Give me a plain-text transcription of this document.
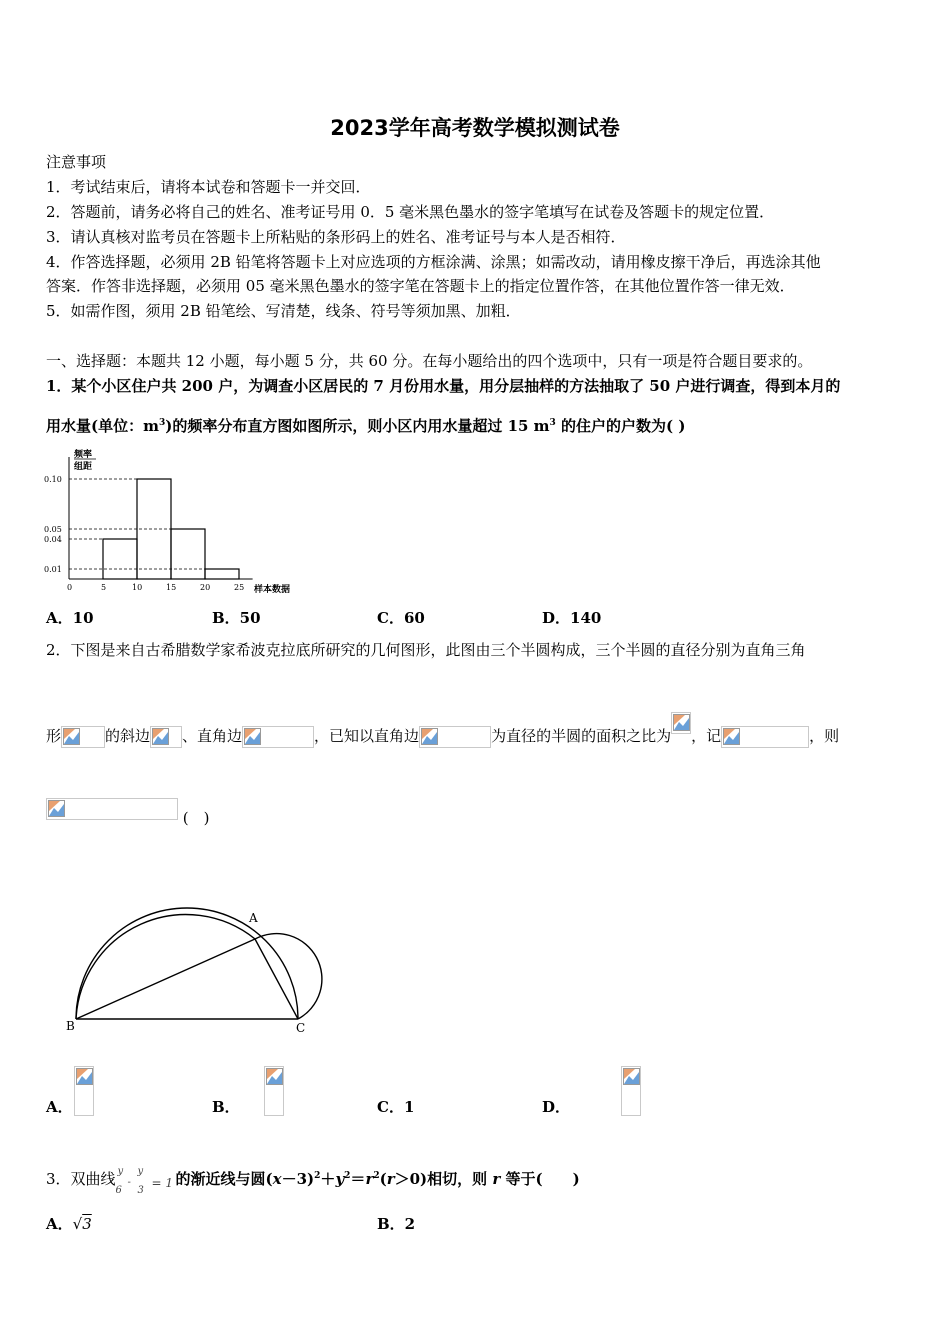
2023学年高考数学模拟测试卷
注意事项
1．考试结束后，请将本试卷和答题卡一并交回．
2．答题前，请务必将自己的姓名、准考证号用 0．5 毫米黑色墨水的签字笔填写在试卷及答题卡的规定位置．
3．请认真核对监考员在答题卡上所粘贴的条形码上的姓名、准考证号与本人是否相符．
4．作答选择题，必须用 2B 铅笔将答题卡上对应选项的方框涂满、涂黑；如需改动，请用橡皮擦干净后，再选涂其他
答案．作答非选择题，必须用 05 毫米黑色墨水的签字笔在答题卡上的指定位置作答，在其他位置作答一律无效．
5．如需作图，须用 2B 铅笔绘、写清楚，线条、符号等须加黑、加粗．
一、选择题：本题共 12 小题，每小题 5 分，共 60 分。在每小题给出的四个选项中，只有一项是符合题目要求的。
1．某个小区住户共 200 户，为调查小区居民的 7 月份用水量，用分层抽样的方法抽取了 50 户进行调查，得到本月的
用水量(单位：$m^3$)的频率分布直方图如图所示，则小区内用水量超过 15 $m^3$ 的住户的户数为( )
频率
组距
样本数据
0.01
0.04
0.05
0.10
0	5	10	15	20	25
A．10	B．50	C．60	D．140
2．下图是来自古希腊数学家希波克拉底所研究的几何图形，此图由三个半圆构成，三个半圆的直径分别为直角三角
形	的斜边 、直角边	，已知以直角边	为直径的半圆的面积之比为 ，记	，则
(　)
A
B	C
A．
	B．
	C．1	D．
3．双曲线 y
6
-
y
3
= 1 的渐近线与圆$(x-3)^2+y^2=r^2(r>0)$相切，则 r 等于(　　)
A．√3	B．2
